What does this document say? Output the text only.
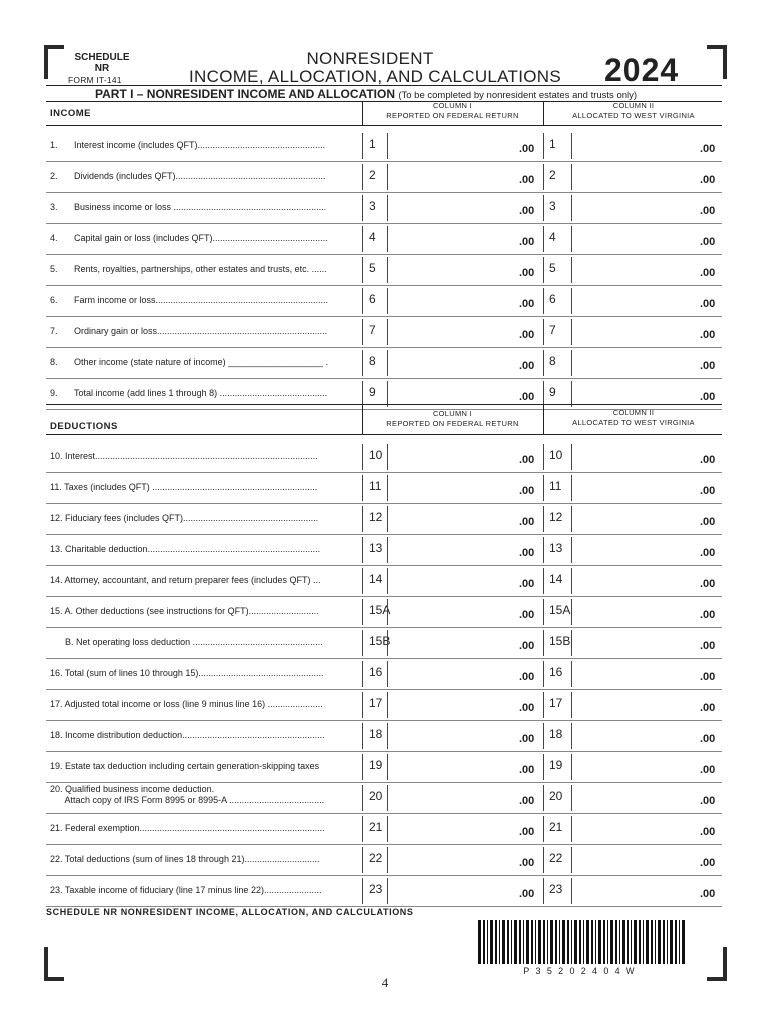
SCHEDULE
NR
FORM IT-141
NONRESIDENT
INCOME, ALLOCATION, AND CALCULATIONS	2024
PART I – NONRESIDENT INCOME AND ALLOCATION (To be completed by nonresident estates and trusts only)
INCOME
COLUMN I
REPORTED ON FEDERAL RETURN
COLUMN II
ALLOCATED TO WEST VIRGINIA
1. Interest income (includes QFT)...................................................	1	.00 1	.00
2. Dividends (includes QFT)............................................................	2	.00 2	.00
3. Business income or loss .............................................................	3	.00 3	.00
4. Capital gain or loss (includes QFT)..............................................	4	.00 4	.00
5. Rents, royalties, partnerships, other estates and trusts, etc. ......	5	.00 5	.00
6. Farm income or loss.....................................................................	6	.00 6	.00
7. Ordinary gain or loss....................................................................	7	.00 7	.00
8. Other income (state nature of income) ___________________ .	8	.00 8	.00
9. Total income (add lines 1 through 8) ...........................................	9	.00 9	.00
DEDUCTIONS
COLUMN I
REPORTED ON FEDERAL RETURN
COLUMN II
ALLOCATED TO WEST VIRGINIA
10. Interest.........................................................................................	10	.00 10	.00
11. Taxes (includes QFT) ..................................................................	11	.00 11	.00
12. Fiduciary fees (includes QFT)......................................................	12	.00 12	.00
13. Charitable deduction.....................................................................	13	.00 13	.00
14. Attorney, accountant, and return preparer fees (includes QFT) ...	14	.00 14	.00
15. A. Other deductions (see instructions for QFT)............................	15A	.00 15A	.00
B. Net operating loss deduction ....................................................	15B	.00 15B	.00
16. Total (sum of lines 10 through 15)..................................................	16	.00 16	.00
17. Adjusted total income or loss (line 9 minus line 16) ......................	17	.00 17	.00
18. Income distribution deduction.........................................................	18	.00 18	.00
19. Estate tax deduction including certain generation-skipping taxes	19	.00 19	.00
20. Qualified business income deduction.
Attach copy of IRS Form 8995 or 8995-A ......................................	20	.00 20	.00
21. Federal exemption..........................................................................	21	.00 21	.00
22. Total deductions (sum of lines 18 through 21)..............................	22	.00 22	.00
23. Taxable income of fiduciary (line 17 minus line 22).......................	23	.00 23	.00
SCHEDULE NR NONRESIDENT INCOME, ALLOCATION, AND CALCULATIONS
P35202404W
4
